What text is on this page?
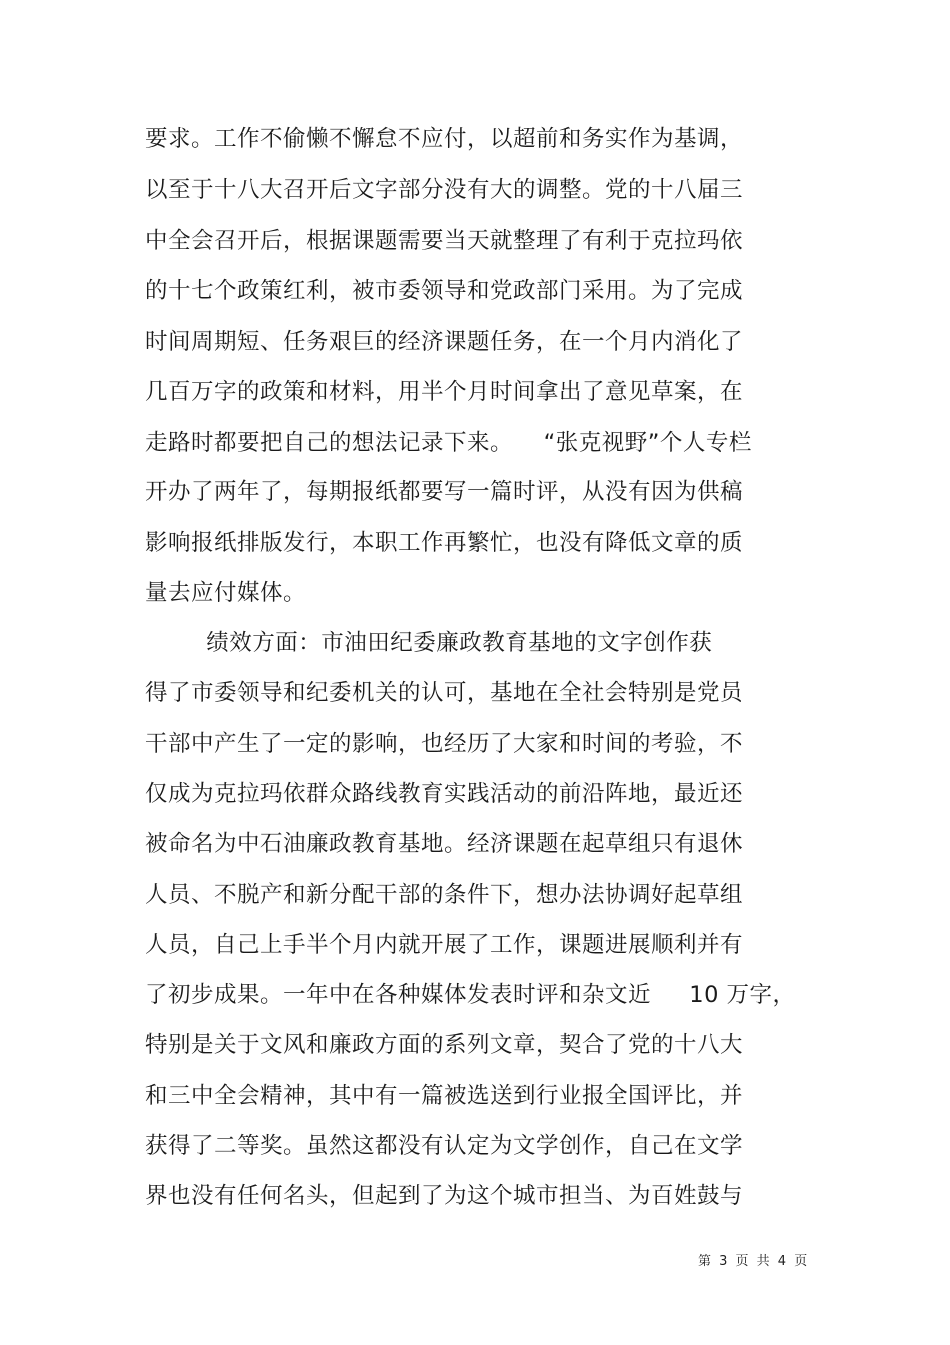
要求。工作不偷懒不懈怠不应付，以超前和务实作为基调，
以至于十八大召开后文字部分没有大的调整。党的十八届三
中全会召开后，根据课题需要当天就整理了有利于克拉玛依
的十七个政策红利，被市委领导和党政部门采用。为了完成
时间周期短、任务艰巨的经济课题任务，在一个月内消化了
几百万字的政策和材料，用半个月时间拿出了意见草案，在
走路时都要把自己的想法记录下来。    “张克视野”个人专栏
开办了两年了，每期报纸都要写一篇时评，从没有因为供稿
影响报纸排版发行，本职工作再繁忙，也没有降低文章的质
量去应付媒体。
绩效方面：市油田纪委廉政教育基地的文字创作获
得了市委领导和纪委机关的认可，基地在全社会特别是党员
干部中产生了一定的影响，也经历了大家和时间的考验，不
仅成为克拉玛依群众路线教育实践活动的前沿阵地，最近还
被命名为中石油廉政教育基地。经济课题在起草组只有退休
人员、不脱产和新分配干部的条件下，想办法协调好起草组
人员，自己上手半个月内就开展了工作，课题进展顺利并有
了初步成果。一年中在各种媒体发表时评和杂文近     10 万字，
特别是关于文风和廉政方面的系列文章，契合了党的十八大
和三中全会精神，其中有一篇被选送到行业报全国评比，并
获得了二等奖。虽然这都没有认定为文学创作，自己在文学
界也没有任何名头，但起到了为这个城市担当、为百姓鼓与
第 3 页 共 4 页
